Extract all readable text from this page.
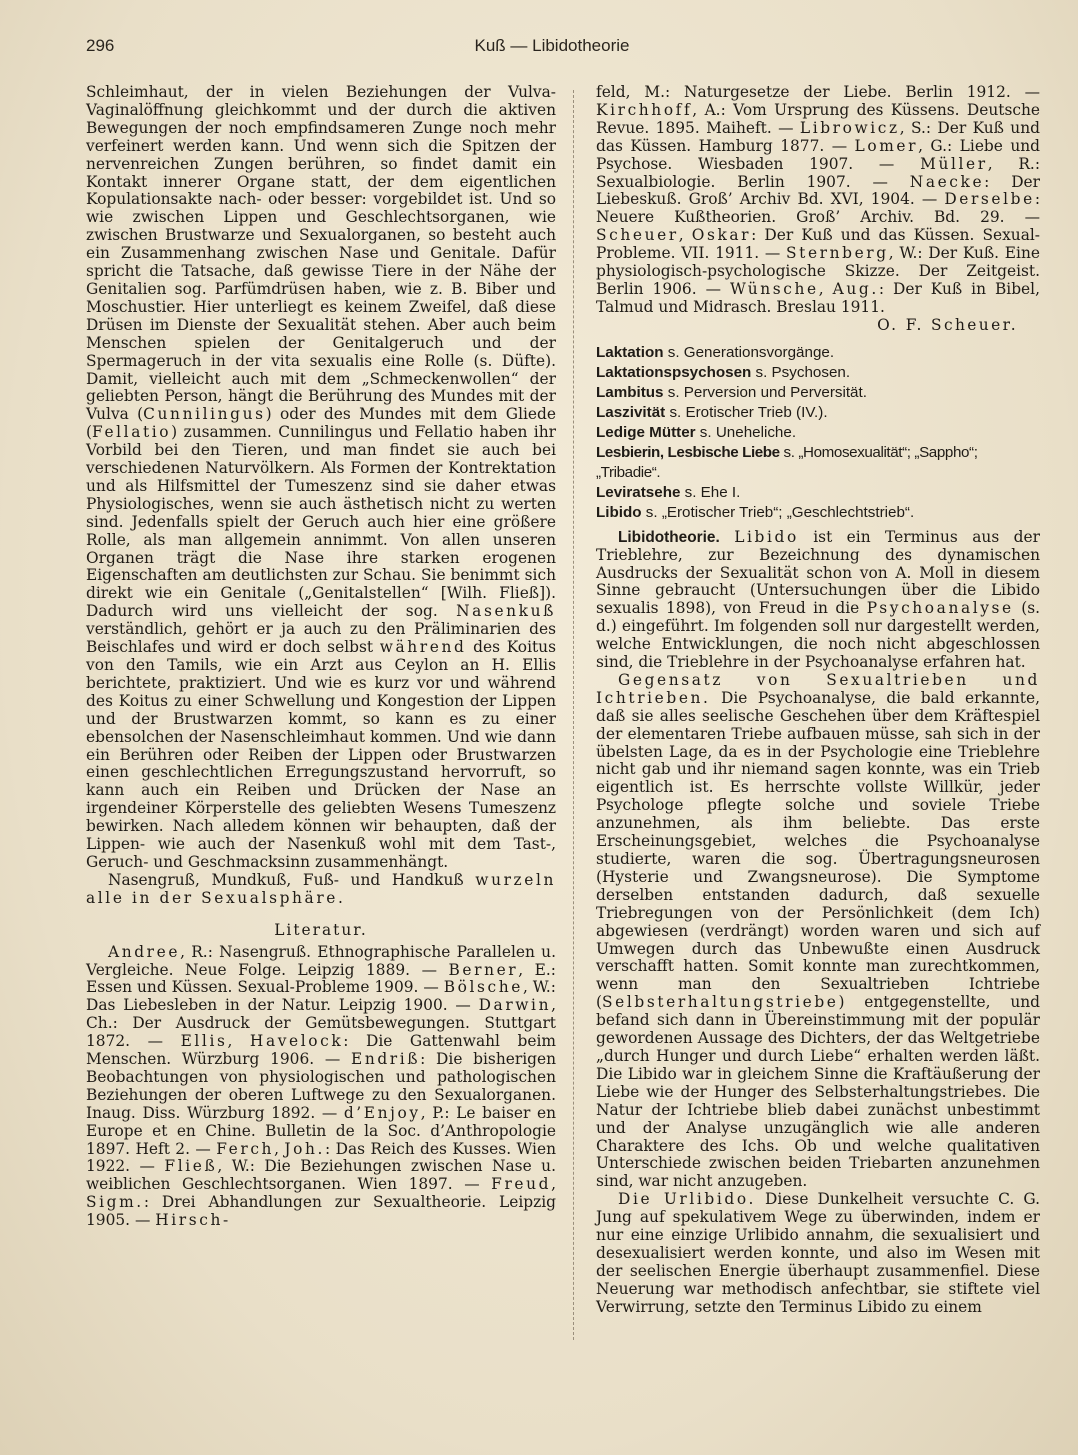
296	Kuß — Libidotheorie

Schleimhaut, der in vielen Beziehungen der Vulva-Vaginalöffnung gleichkommt und der durch die aktiven Bewegungen der noch empfindsameren Zunge noch mehr verfeinert werden kann. Und wenn sich die Spitzen der nervenreichen Zungen berühren, so findet damit ein Kontakt innerer Organe statt, der dem eigentlichen Kopulationsakte nach- oder besser: vorgebildet ist. Und so wie zwischen Lippen und Geschlechtsorganen, wie zwischen Brustwarze und Sexualorganen, so besteht auch ein Zusammenhang zwischen Nase und Genitale. Dafür spricht die Tatsache, daß gewisse Tiere in der Nähe der Genitalien sog. Parfümdrüsen haben, wie z. B. Biber und Moschustier. Hier unterliegt es keinem Zweifel, daß diese Drüsen im Dienste der Sexualität stehen. Aber auch beim Menschen spielen der Genitalgeruch und der Spermageruch in der vita sexualis eine Rolle (s. Düfte). Damit, vielleicht auch mit dem „Schmeckenwollen“ der geliebten Person, hängt die Berührung des Mundes mit der Vulva (Cunnilingus) oder des Mundes mit dem Gliede (Fellatio) zusammen. Cunnilingus und Fellatio haben ihr Vorbild bei den Tieren, und man findet sie auch bei verschiedenen Naturvölkern. Als Formen der Kontrektation und als Hilfsmittel der Tumeszenz sind sie daher etwas Physiologisches, wenn sie auch ästhetisch nicht zu werten sind. Jedenfalls spielt der Geruch auch hier eine größere Rolle, als man allgemein annimmt. Von allen unseren Organen trägt die Nase ihre starken erogenen Eigenschaften am deutlichsten zur Schau. Sie benimmt sich direkt wie ein Genitale („Genitalstellen“ [Wilh. Fließ]). Dadurch wird uns vielleicht der sog. Nasenkuß verständlich, gehört er ja auch zu den Präliminarien des Beischlafes und wird er doch selbst während des Koitus von den Tamils, wie ein Arzt aus Ceylon an H. Ellis berichtete, praktiziert. Und wie es kurz vor und während des Koitus zu einer Schwellung und Kongestion der Lippen und der Brustwarzen kommt, so kann es zu einer ebensolchen der Nasenschleimhaut kommen. Und wie dann ein Berühren oder Reiben der Lippen oder Brustwarzen einen geschlechtlichen Erregungszustand hervorruft, so kann auch ein Reiben und Drücken der Nase an irgendeiner Körperstelle des geliebten Wesens Tumeszenz bewirken. Nach alledem können wir behaupten, daß der Lippen- wie auch der Nasenkuß wohl mit dem Tast-, Geruch- und Geschmacksinn zusammenhängt.

Nasengruß, Mundkuß, Fuß- und Handkuß wurzeln alle in der Sexualsphäre.

Literatur.

Andree, R.: Nasengruß. Ethnographische Parallelen u. Vergleiche. Neue Folge. Leipzig 1889. — Berner, E.: Essen und Küssen. Sexual-Probleme 1909. — Bölsche, W.: Das Liebesleben in der Natur. Leipzig 1900. — Darwin, Ch.: Der Ausdruck der Gemütsbewegungen. Stuttgart 1872. — Ellis, Havelock: Die Gattenwahl beim Menschen. Würzburg 1906. — Endriß: Die bisherigen Beobachtungen von physiologischen und pathologischen Beziehungen der oberen Luftwege zu den Sexualorganen. Inaug. Diss. Würzburg 1892. — d’Enjoy, P.: Le baiser en Europe et en Chine. Bulletin de la Soc. d’Anthropologie 1897. Heft 2. — Ferch, Joh.: Das Reich des Kusses. Wien 1922. — Fließ, W.: Die Beziehungen zwischen Nase u. weiblichen Geschlechtsorganen. Wien 1897. — Freud, Sigm.: Drei Abhandlungen zur Sexualtheorie. Leipzig 1905. — Hirsch-

feld, M.: Naturgesetze der Liebe. Berlin 1912. — Kirchhoff, A.: Vom Ursprung des Küssens. Deutsche Revue. 1895. Maiheft. — Librowicz, S.: Der Kuß und das Küssen. Hamburg 1877. — Lomer, G.: Liebe und Psychose. Wiesbaden 1907. — Müller, R.: Sexualbiologie. Berlin 1907. — Naecke: Der Liebeskuß. Groß’ Archiv Bd. XVI, 1904. — Derselbe: Neuere Kußtheorien. Groß’ Archiv. Bd. 29. — Scheuer, Oskar: Der Kuß und das Küssen. Sexual-Probleme. VII. 1911. — Sternberg, W.: Der Kuß. Eine physiologisch-psychologische Skizze. Der Zeitgeist. Berlin 1906. — Wünsche, Aug.: Der Kuß in Bibel, Talmud und Midrasch. Breslau 1911.

O. F. Scheuer.
Laktation s. Generationsvorgänge.
Laktationspsychosen s. Psychosen.
Lambitus s. Perversion und Perversität.
Laszivität s. Erotischer Trieb (IV.).
Ledige Mütter s. Uneheliche.
Lesbierin, Lesbische Liebe s. „Homosexualität“; „Sappho“; „Tribadie“.
Leviratsehe s. Ehe I.
Libido s. „Erotischer Trieb“; „Geschlechtstrieb“.

Libidotheorie. Libido ist ein Terminus aus der Trieblehre, zur Bezeichnung des dynamischen Ausdrucks der Sexualität schon von A. Moll in diesem Sinne gebraucht (Untersuchungen über die Libido sexualis 1898), von Freud in die Psychoanalyse (s. d.) eingeführt. Im folgenden soll nur dargestellt werden, welche Entwicklungen, die noch nicht abgeschlossen sind, die Trieblehre in der Psychoanalyse erfahren hat.

Gegensatz von Sexualtrieben und Ichtrieben. Die Psychoanalyse, die bald erkannte, daß sie alles seelische Geschehen über dem Kräftespiel der elementaren Triebe aufbauen müsse, sah sich in der übelsten Lage, da es in der Psychologie eine Trieblehre nicht gab und ihr niemand sagen konnte, was ein Trieb eigentlich ist. Es herrschte vollste Willkür, jeder Psychologe pflegte solche und soviele Triebe anzunehmen, als ihm beliebte. Das erste Erscheinungsgebiet, welches die Psychoanalyse studierte, waren die sog. Übertragungsneurosen (Hysterie und Zwangsneurose). Die Symptome derselben entstanden dadurch, daß sexuelle Triebregungen von der Persönlichkeit (dem Ich) abgewiesen (verdrängt) worden waren und sich auf Umwegen durch das Unbewußte einen Ausdruck verschafft hatten. Somit konnte man zurechtkommen, wenn man den Sexualtrieben Ichtriebe (Selbsterhaltungstriebe) entgegenstellte, und befand sich dann in Übereinstimmung mit der populär gewordenen Aussage des Dichters, der das Weltgetriebe „durch Hunger und durch Liebe“ erhalten werden läßt. Die Libido war in gleichem Sinne die Kraftäußerung der Liebe wie der Hunger des Selbsterhaltungstriebes. Die Natur der Ichtriebe blieb dabei zunächst unbestimmt und der Analyse unzugänglich wie alle anderen Charaktere des Ichs. Ob und welche qualitativen Unterschiede zwischen beiden Triebarten anzunehmen sind, war nicht anzugeben.

Die Urlibido. Diese Dunkelheit versuchte C. G. Jung auf spekulativem Wege zu überwinden, indem er nur eine einzige Urlibido annahm, die sexualisiert und desexualisiert werden konnte, und also im Wesen mit der seelischen Energie überhaupt zusammenfiel. Diese Neuerung war methodisch anfechtbar, sie stiftete viel Verwirrung, setzte den Terminus Libido zu einem
